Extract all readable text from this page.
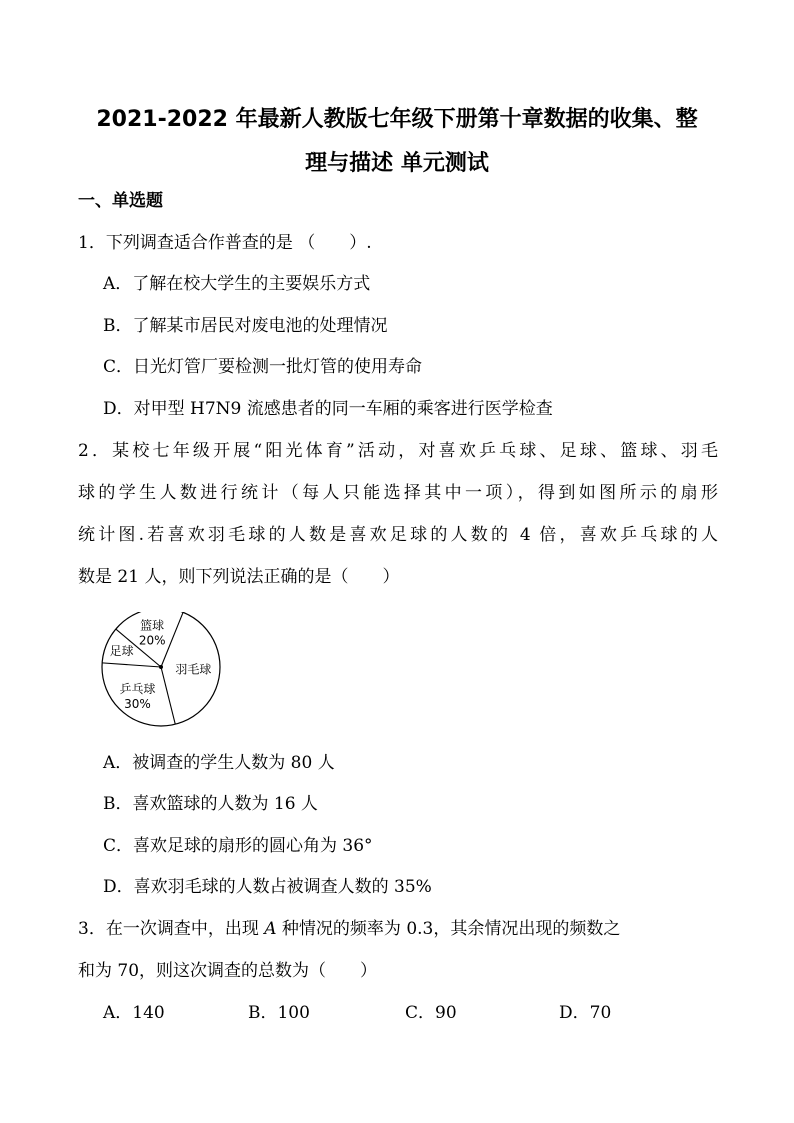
2021-2022 年最新人教版七年级下册第十章数据的收集、整
理与描述 单元测试
一、单选题
1．下列调查适合作普查的是 （　　）.
A．了解在校大学生的主要娱乐方式
B．了解某市居民对废电池的处理情况
C．日光灯管厂要检测一批灯管的使用寿命
D．对甲型 H7N9 流感患者的同一车厢的乘客进行医学检查
2．某校七年级开展“阳光体育”活动，对喜欢乒乓球、足球、篮球、羽毛
球的学生人数进行统计（每人只能选择其中一项），得到如图所示的扇形
统计图.若喜欢羽毛球的人数是喜欢足球的人数的 4 倍，喜欢乒乓球的人
数是 21 人，则下列说法正确的是（　　）
篮球
20%
羽毛球
乒乓球
30%
足球
A．被调查的学生人数为 80 人
B．喜欢篮球的人数为 16 人
C．喜欢足球的扇形的圆心角为 36°
D．喜欢羽毛球的人数占被调查人数的 35%
3．在一次调查中，出现 A 种情况的频率为 0.3，其余情况出现的频数之
和为 70，则这次调查的总数为（　　）
A．140	B．100	C．90	D．70
